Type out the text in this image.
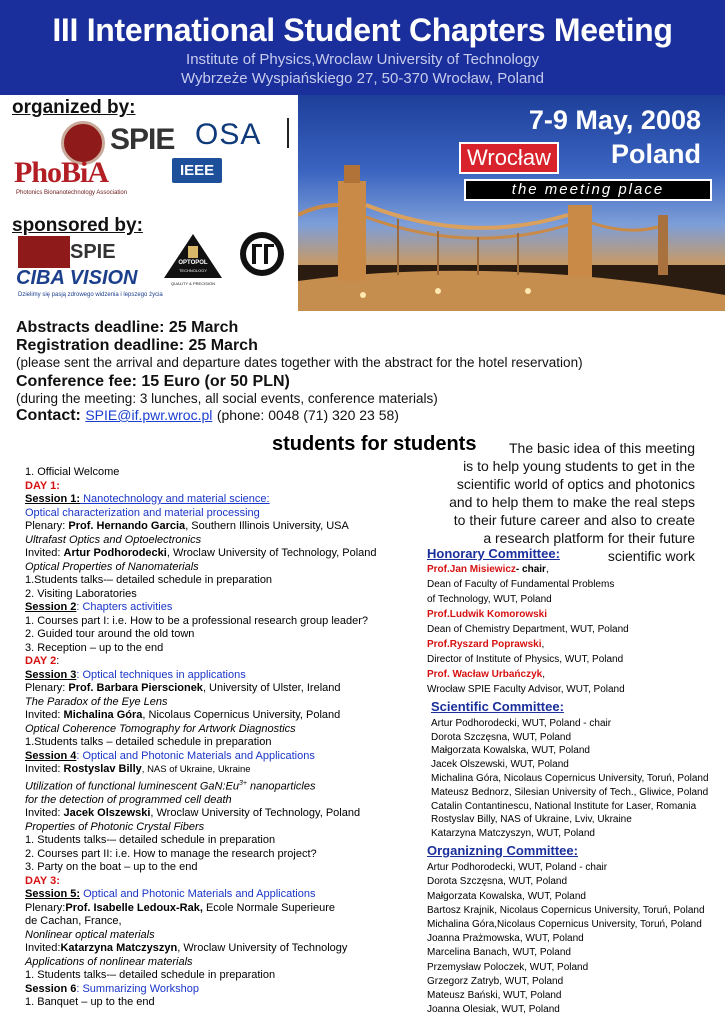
III International Student Chapters Meeting
Institute of Physics,Wroclaw University of Technology
Wybrzeże Wyspiańskiego 27, 50-370 Wrocław, Poland
organized by:
SPIE OSA
PhoBiA
Photonics Bionanotechnology Association
IEEE
sponsored by:
SPIE
CIBA VISION
Dzielimy się pasją zdrowego widzenia i lepszego życia
OPTOPOL
TECHNOLOGY
QUALITY & PRECISION
7-9 May, 2008
Poland
Wrocław
the meeting place
Abstracts deadline: 25 March
Registration deadline: 25 March
(please sent the arrival and departure dates together with the abstract for the hotel reservation)
Conference fee: 15 Euro (or 50 PLN)
(during the meeting: 3 lunches, all social events, conference materials)
Contact: SPIE@if.pwr.wroc.pl (phone: 0048 (71) 320 23 58)
students for students	The basic idea of this meeting
is to help young students to get in the
scientific world of optics and photonics
and to help them to make the real steps
to their future career and also to create
a research platform for their future
scientific work
1. Official Welcome
DAY 1:
Session 1: Nanotechnology and material science:
Optical characterization and material processing
Plenary: Prof. Hernando Garcia, Southern Illinois University, USA
Ultrafast Optics and Optoelectronics
Invited: Artur Podhorodecki, Wroclaw University of Technology, Poland
Optical Properties of Nanomaterials
1.Students talks-– detailed schedule in preparation
2. Visiting Laboratories
Session 2: Chapters activities
1. Courses part I: i.e. How to be a professional research group leader?
2. Guided tour around the old town
3. Reception – up to the end
DAY 2:
Session 3: Optical techniques in applications
Plenary: Prof. Barbara Pierscionek, University of Ulster, Ireland
The Paradox of the Eye Lens
Invited: Michalina Góra, Nicolaus Copernicus University, Poland
Optical Coherence Tomography for Artwork Diagnostics
1.Students talks – detailed schedule in preparation
Session 4: Optical and Photonic Materials and Applications
Invited: Rostyslav Billy, NAS of Ukraine, Ukraine
Utilization of functional luminescent $GaN:Eu^{3+}$ nanoparticles
for the detection of programmed cell death
Invited: Jacek Olszewski, Wroclaw University of Technology, Poland
Properties of Photonic Crystal Fibers
1. Students talks-– detailed schedule in preparation
2. Courses part II: i.e. How to manage the research project?
3. Party on the boat – up to the end
DAY 3:
Session 5: Optical and Photonic Materials and Applications
Plenary:Prof. Isabelle Ledoux-Rak, Ecole Normale Superieure
de Cachan, France,
Nonlinear optical materials
Invited:Katarzyna Matczyszyn, Wroclaw University of Technology
Applications of nonlinear materials
1. Students talks-– detailed schedule in preparation
Session 6: Summarizing Workshop
1. Banquet – up to the end
Honorary Committee:
Prof.Jan Misiewicz- chair,
Dean of Faculty of Fundamental Problems
of Technology, WUT, Poland
Prof.Ludwik Komorowski
Dean of Chemistry Department, WUT, Poland
Prof.Ryszard Poprawski,
Director of Institute of Physics, WUT, Poland
Prof. Wacław Urbańczyk,
Wrocław SPIE Faculty Advisor, WUT, Poland
Scientific Committee:
Artur Podhorodecki, WUT, Poland - chair
Dorota Szczęsna, WUT, Poland
Małgorzata Kowalska, WUT, Poland
Jacek Olszewski, WUT, Poland
Michalina Góra, Nicolaus Copernicus University, Toruń, Poland
Mateusz Bednorz, Silesian University of Tech., Gliwice, Poland
Catalin Contantinescu, National Institute for Laser, Romania
Rostyslav Billy, NAS of Ukraine, Lviv, Ukraine
Katarzyna Matczyszyn, WUT, Poland
Organizning Committee:
Artur Podhorodecki, WUT, Poland - chair
Dorota Szczęsna, WUT, Poland
Małgorzata Kowalska, WUT, Poland
Bartosz Krajnik, Nicolaus Copernicus University, Toruń, Poland
Michalina Góra,Nicolaus Copernicus University, Toruń, Poland
Joanna Prażmowska, WUT, Poland
Marcelina Banach, WUT, Poland
Przemysław Poloczek, WUT, Poland
Grzegorz Zatryb, WUT, Poland
Mateusz Bański, WUT, Poland
Joanna Olesiak, WUT, Poland
